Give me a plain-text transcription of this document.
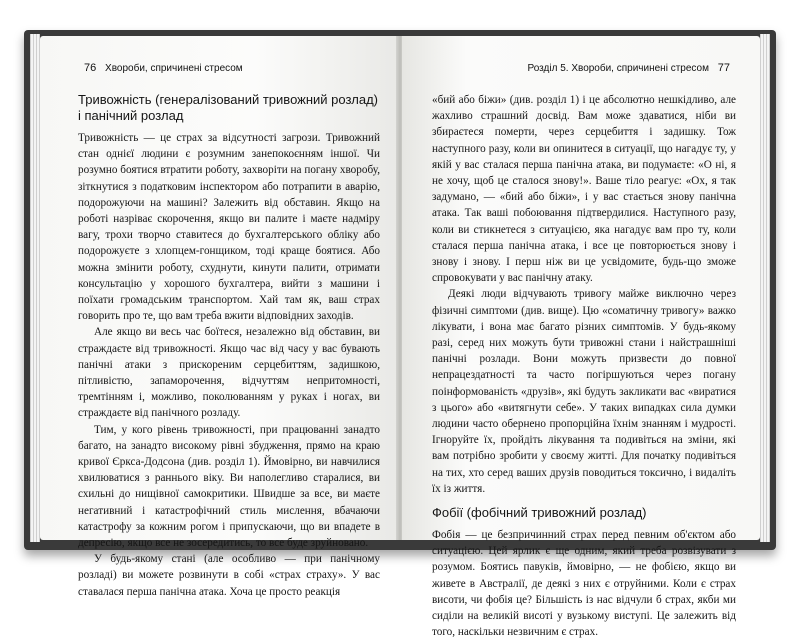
76 Хвороби, спричинені стресом
Тривожність (генералізований тривожний розлад) і панічний розлад

Тривожність — це страх за відсутності загрози. Тривожний стан однієї людини є розумним занепокоєнням іншої. Чи розумно боятися втратити роботу, захворіти на погану хворобу, зіткнутися з податковим інспектором або потрапити в аварію, подорожуючи на машині? Залежить від обставин. Якщо на роботі назріває скорочення, якщо ви палите і маєте надміру вагу, трохи творчо ставитеся до бухгалтерського обліку або подорожуєте з хлопцем-гонщиком, тоді краще боятися. Або можна змінити роботу, схуднути, кинути палити, отримати консультацію у хорошого бухгалтера, вийти з машини і поїхати громадським транспортом. Хай там як, ваш страх говорить про те, що вам треба вжити відповідних заходів.

Але якщо ви весь час боїтеся, незалежно від обставин, ви страждаєте від тривожності. Якщо час від часу у вас бувають панічні атаки з прискореним серцебиттям, задишкою, пітливістю, запаморочення, відчуттям непритомності, тремтінням і, можливо, поколюванням у руках і ногах, ви страждаєте від панічного розладу.

Тим, у кого рівень тривожності, при працюванні занадто багато, на занадто високому рівні збудження, прямо на краю кривої Єркса-Додсона (див. розділ 1). Ймовірно, ви навчилися хвилюватися з раннього віку. Ви наполегливо старалися, ви схильні до нищівної самокритики. Швидше за все, ви маєте негативний і катастрофічний стиль мислення, вбачаючи катастрофу за кожним рогом і припускаючи, що ви впадете в депресію, якщо все не зосередитись, то все буде зруйновано.

У будь-якому стані (але особливо — при панічному розладі) ви можете розвинути в собі «страх страху». У вас ставалася перша панічна атака. Хоча це просто реакція

Розділ 5. Хвороби, спричинені стресом 77

«бий або біжи» (див. розділ 1) і це абсолютно нешкідливо, але жахливо страшний досвід. Вам може здаватися, ніби ви збираєтеся померти, через серцебиття і задишку. Тож наступного разу, коли ви опинитеся в ситуації, що нагадує ту, у якій у вас сталася перша панічна атака, ви подумаєте: «О ні, я не хочу, щоб це сталося знову!». Ваше тіло реагує: «Ох, я так задумано, — «бий або біжи», і у вас стається знову панічна атака. Так ваші побоювання підтвердилися. Наступного разу, коли ви стикнетеся з ситуацією, яка нагадує вам про ту, коли сталася перша панічна атака, і все це повторюється знову і знову і знову. І перш ніж ви це усвідомите, будь-що зможе спровокувати у вас панічну атаку.

Деякі люди відчувають тривогу майже виключно через фізичні симптоми (див. вище). Цю «соматичну тривогу» важко лікувати, і вона має багато різних симптомів. У будь-якому разі, серед них можуть бути тривожні стани і найстрашніші панічні розлади. Вони можуть призвести до повної непрацездатності та часто погіршуються через погану поінформованість «друзів», які будуть закликати вас «виратися з цього» або «витягнути себе». У таких випадках сила думки людини часто обернено пропорційна їхнім знанням і мудрості. Ігноруйте їх, пройдіть лікування та подивіться на зміни, які вам потрібно зробити у своєму житті. Для початку подивіться на тих, хто серед ваших друзів поводиться токсично, і видаліть їх із життя.

Фобії (фобічний тривожний розлад)

Фобія — це безпричинний страх перед певним об'єктом або ситуацією. Цей ярлик є ще одним, який треба розвізувати з розумом. Боятись павуків, ймовірно, — не фобією, якщо ви живете в Австралії, де деякі з них є отруйними. Коли є страх висоти, чи фобія це? Більшість із нас відчули б страх, якби ми сиділи на великій висоті у вузькому виступі. Це залежить від того, наскільки незвичним є страх.
